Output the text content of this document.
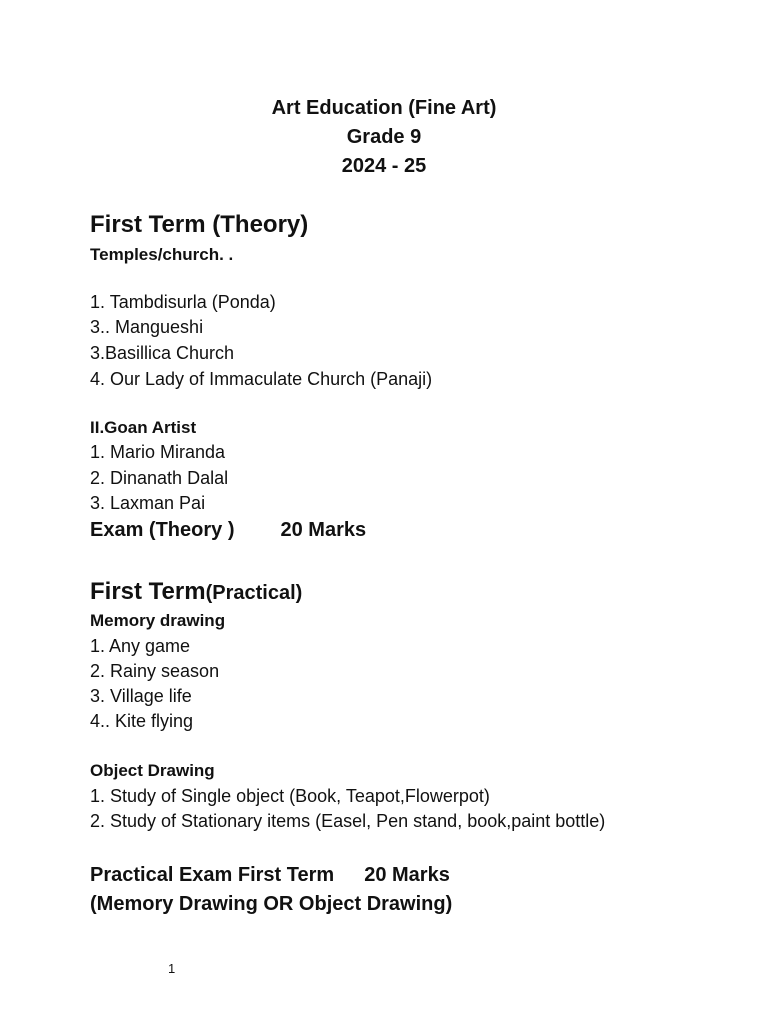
Art Education (Fine Art)
Grade 9
2024 - 25
First Term (Theory)
Temples/church. .
1. Tambdisurla (Ponda)
3.. Mangueshi
3.Basillica Church
4. Our Lady of Immaculate Church (Panaji)
II.Goan Artist
1. Mario Miranda
2. Dinanath Dalal
3. Laxman Pai
Exam (Theory ) 20 Marks
First Term(Practical)
Memory drawing
1. Any game
2. Rainy season
3. Village life
4.. Kite flying
Object Drawing
1. Study of Single object (Book, Teapot,Flowerpot)
2. Study of Stationary items (Easel, Pen stand, book,paint bottle)
Practical Exam First Term 20 Marks
(Memory Drawing OR Object Drawing)
1
